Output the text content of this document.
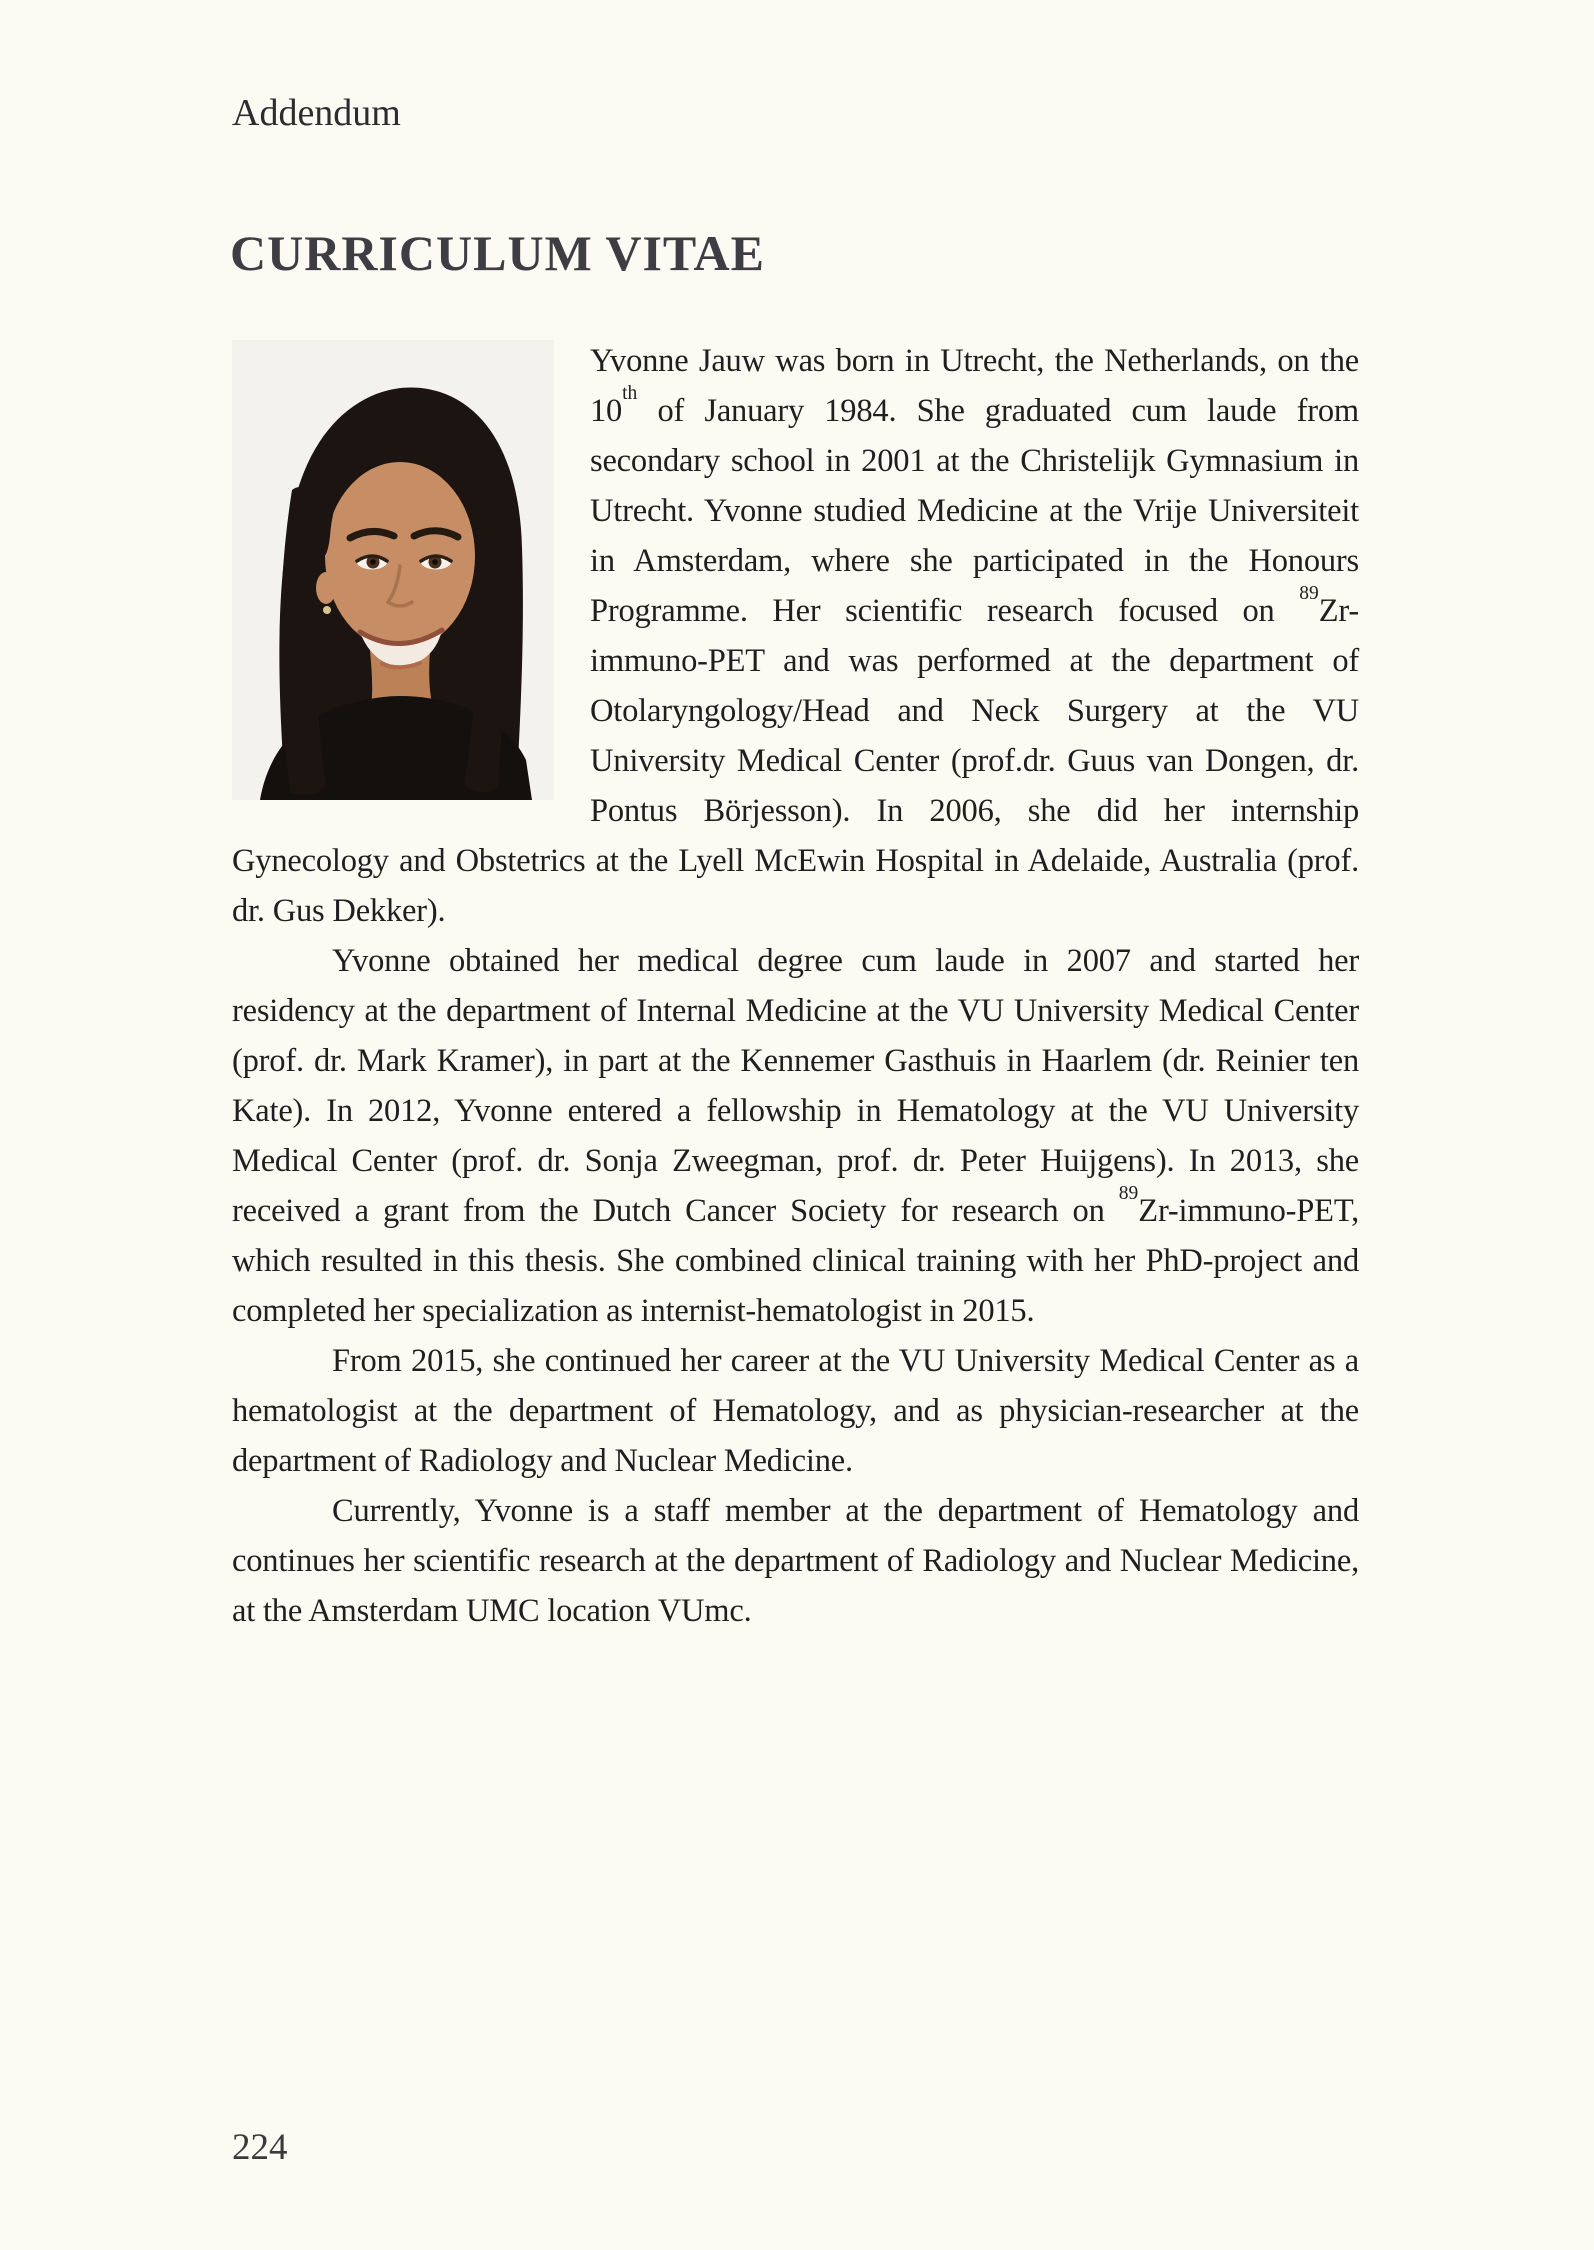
Addendum
CURRICULUM VITAE

Yvonne Jauw was born in Utrecht, the Netherlands, on the 10th of January 1984. She graduated cum laude from secondary school in 2001 at the Christelijk Gymnasium in Utrecht. Yvonne studied Medicine at the Vrije Universiteit in Amsterdam, where she participated in the Honours Programme. Her scientific research focused on $^{89}$Zr-immuno-PET and was performed at the department of Otolaryngology/Head and Neck Surgery at the VU University Medical Center (prof.dr. Guus van Dongen, dr. Pontus Börjesson). In 2006, she did her internship Gynecology and Obstetrics at the Lyell McEwin Hospital in Adelaide, Australia (prof. dr. Gus Dekker).

Yvonne obtained her medical degree cum laude in 2007 and started her residency at the department of Internal Medicine at the VU University Medical Center (prof. dr. Mark Kramer), in part at the Kennemer Gasthuis in Haarlem (dr. Reinier ten Kate). In 2012, Yvonne entered a fellowship in Hematology at the VU University Medical Center (prof. dr. Sonja Zweegman, prof. dr. Peter Huijgens). In 2013, she received a grant from the Dutch Cancer Society for research on $^{89}$Zr-immuno-PET, which resulted in this thesis. She combined clinical training with her PhD-project and completed her specialization as internist-hematologist in 2015.

From 2015, she continued her career at the VU University Medical Center as a hematologist at the department of Hematology, and as physician-researcher at the department of Radiology and Nuclear Medicine.

Currently, Yvonne is a staff member at the department of Hematology and continues her scientific research at the department of Radiology and Nuclear Medicine, at the Amsterdam UMC location VUmc.

224
